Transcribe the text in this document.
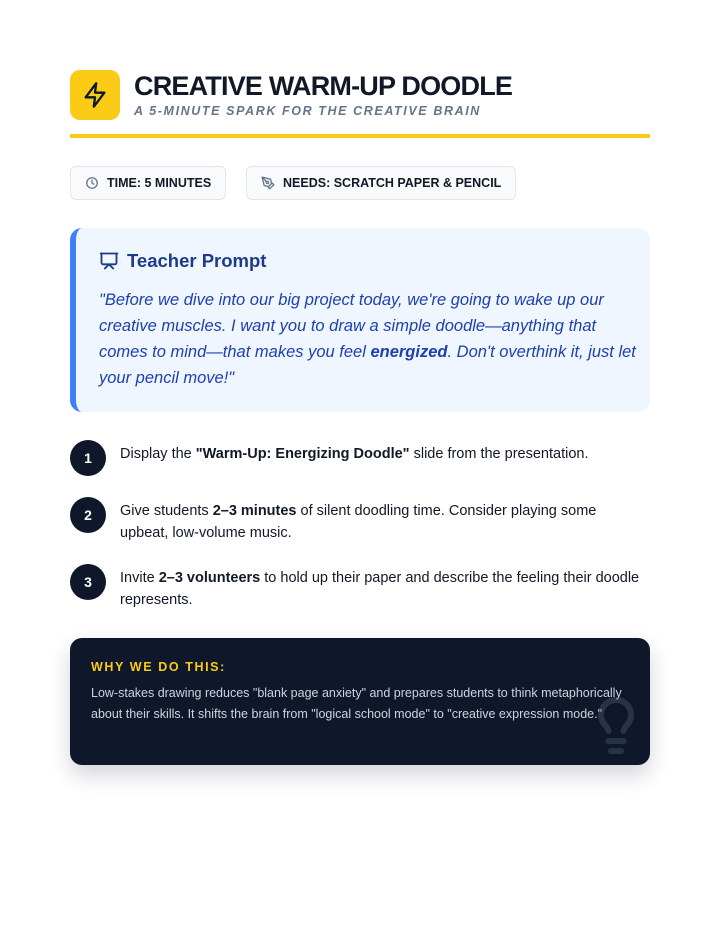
CREATIVE WARM-UP DOODLE
A 5-MINUTE SPARK FOR THE CREATIVE BRAIN
TIME: 5 MINUTES	NEEDS: SCRATCH PAPER & PENCIL
Teacher Prompt
"Before we dive into our big project today, we're going to wake up our creative muscles. I want you to draw a simple doodle—anything that comes to mind—that makes you feel energized. Don't overthink it, just let your pencil move!"
1	Display the "Warm-Up: Energizing Doodle" slide from the presentation.
2	Give students 2–3 minutes of silent doodling time. Consider playing some upbeat, low-volume music.
3	Invite 2–3 volunteers to hold up their paper and describe the feeling their doodle represents.
WHY WE DO THIS:
Low-stakes drawing reduces "blank page anxiety" and prepares students to think metaphorically about their skills. It shifts the brain from "logical school mode" to "creative expression mode."
